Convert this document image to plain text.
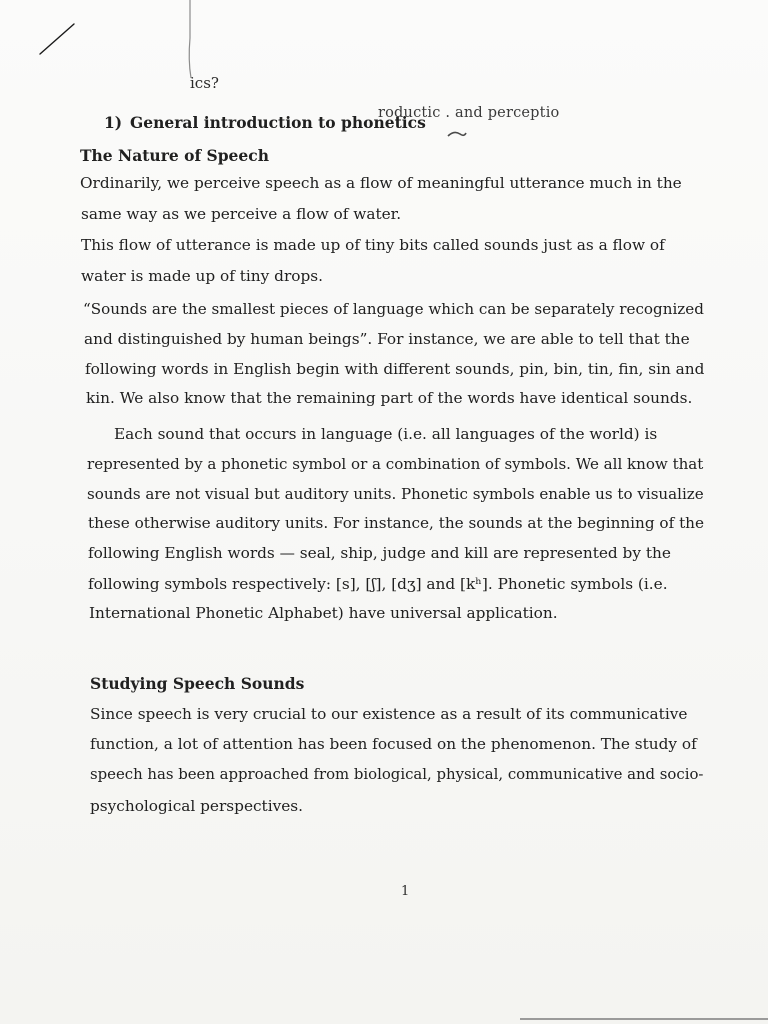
ics?
1) General introduction to phonetics
roductic . and perceptio
The Nature of Speech
Ordinarily, we perceive speech as a flow of meaningful utterance much in the
same way as we perceive a flow of water.
This flow of utterance is made up of tiny bits called sounds just as a flow of
water is made up of tiny drops.
“Sounds are the smallest pieces of language which can be separately recognized
and distinguished by human beings”. For instance, we are able to tell that the
following words in English begin with different sounds, pin, bin, tin, fin, sin and
kin. We also know that the remaining part of the words have identical sounds.
Each sound that occurs in language (i.e. all languages of the world) is
represented by a phonetic symbol or a combination of symbols. We all know that
sounds are not visual but auditory units. Phonetic symbols enable us to visualize
these otherwise auditory units. For instance, the sounds at the beginning of the
following English words — seal, ship, judge and kill are represented by the
following symbols respectively: [s], [ʃ], [dʒ] and [kʰ]. Phonetic symbols (i.e.
International Phonetic Alphabet) have universal application.
Studying Speech Sounds
Since speech is very crucial to our existence as a result of its communicative
function, a lot of attention has been focused on the phenomenon. The study of
speech has been approached from biological, physical, communicative and socio-
psychological perspectives.
1
